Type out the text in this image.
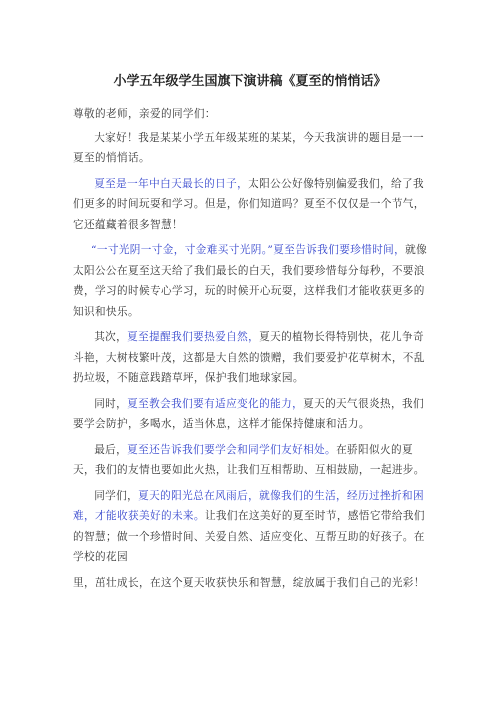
小学五年级学生国旗下演讲稿《夏至的悄悄话》

尊敬的老师，亲爱的同学们：

大家好！我是某某小学五年级某班的某某，今天我演讲的题目是一一夏至的悄悄话。

夏至是一年中白天最长的日子，太阳公公好像特别偏爱我们，给了我们更多的时间玩耍和学习。但是，你们知道吗？夏至不仅仅是一个节气，它还蕴藏着很多智慧！

“一寸光阴一寸金，寸金难买寸光阴。”夏至告诉我们要珍惜时间，就像太阳公公在夏至这天给了我们最长的白天，我们要珍惜每分每秒，不要浪费，学习的时候专心学习，玩的时候开心玩耍，这样我们才能收获更多的知识和快乐。

其次，夏至提醒我们要热爱自然，夏天的植物长得特别快，花儿争奇斗艳，大树枝繁叶茂，这都是大自然的馈赠，我们要爱护花草树木，不乱扔垃圾，不随意践踏草坪，保护我们地球家园。

同时，夏至教会我们要有适应变化的能力，夏天的天气很炎热，我们要学会防护，多喝水，适当休息，这样才能保持健康和活力。

最后，夏至还告诉我们要学会和同学们友好相处。在骄阳似火的夏天，我们的友情也要如此火热，让我们互相帮助、互相鼓励，一起进步。

同学们，夏天的阳光总在风雨后，就像我们的生活，经历过挫折和困难，才能收获美好的未来。让我们在这美好的夏至时节，感悟它带给我们的智慧；做一个珍惜时间、关爱自然、适应变化、互帮互助的好孩子。在学校的花园

里，茁壮成长，在这个夏天收获快乐和智慧，绽放属于我们自己的光彩！
